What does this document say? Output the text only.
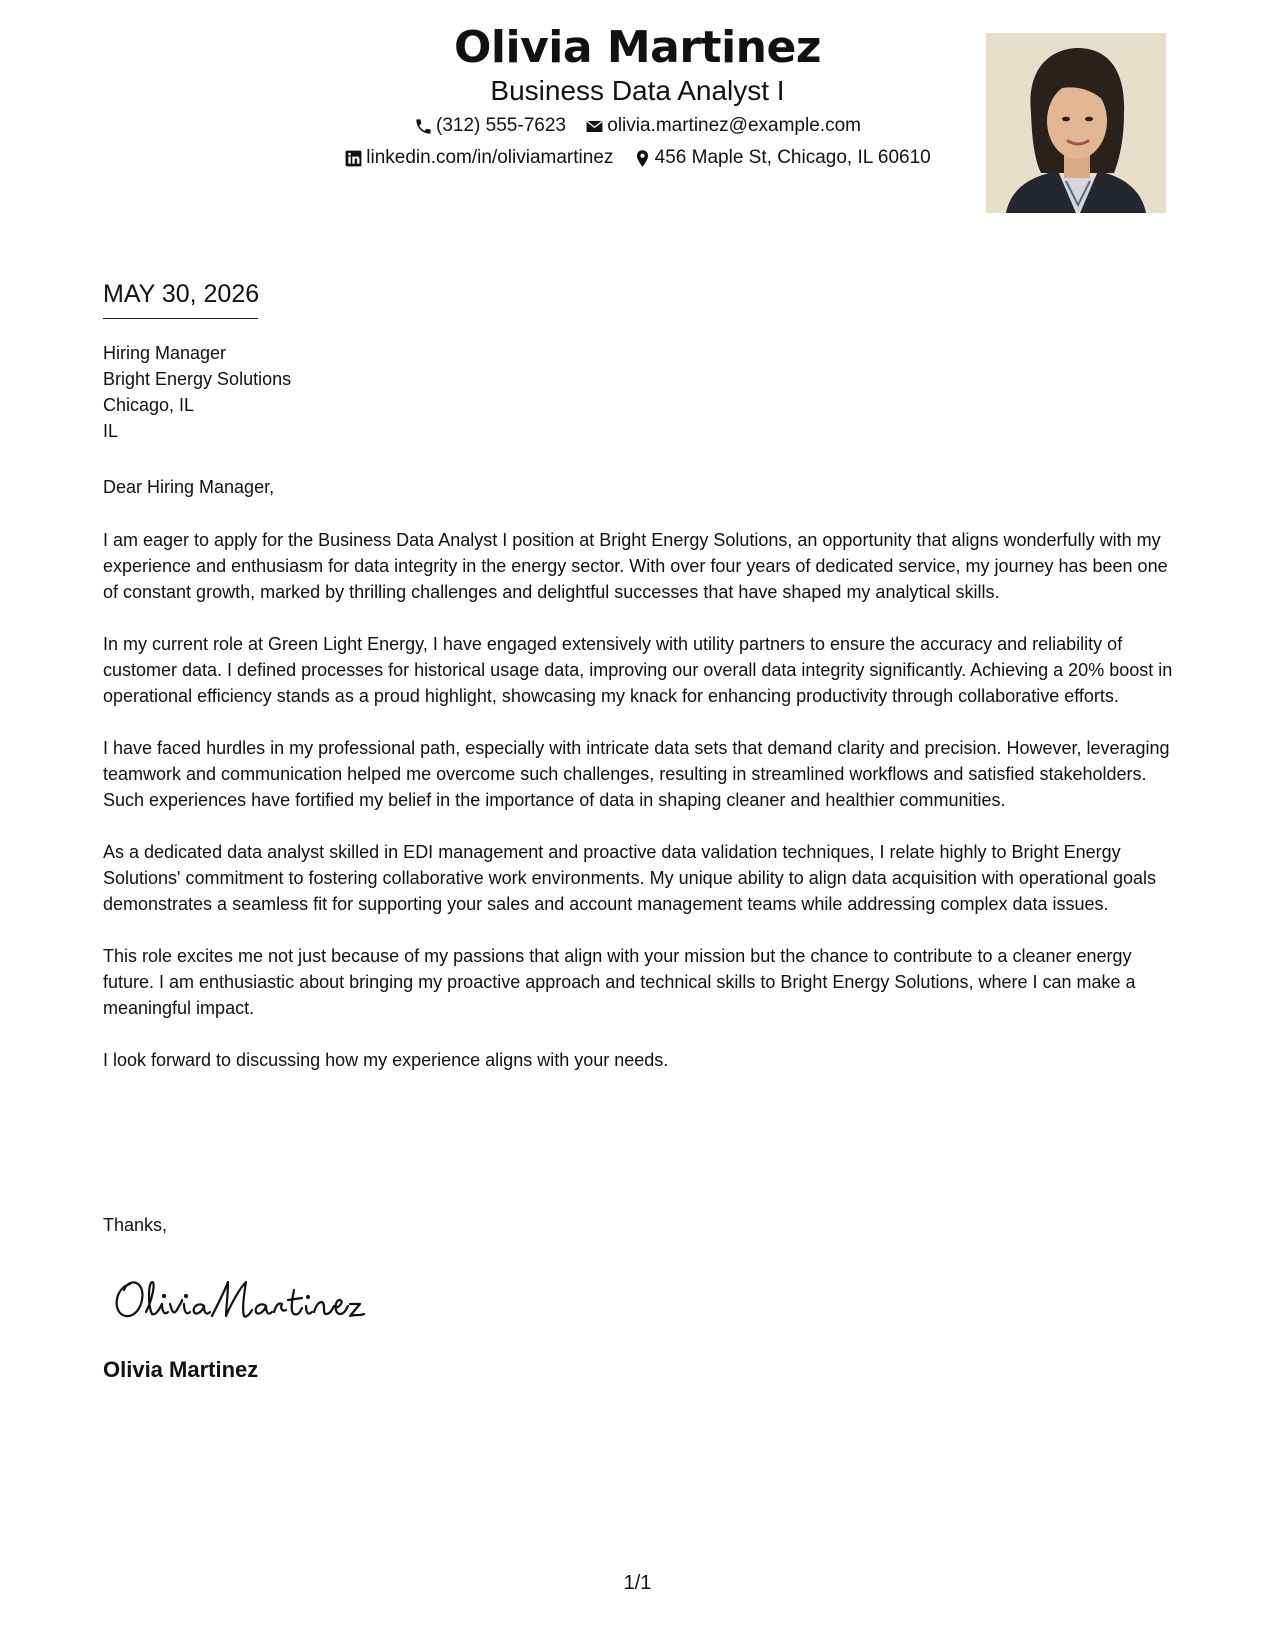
Olivia Martinez
Business Data Analyst I
(312) 555-7623
olivia.martinez@example.com
linkedin.com/in/oliviamartinez
456 Maple St, Chicago, IL 60610
MAY 30, 2026
Hiring Manager
Bright Energy Solutions
Chicago, IL
IL
Dear Hiring Manager,

I am eager to apply for the Business Data Analyst I position at Bright Energy Solutions, an opportunity that aligns wonderfully with my experience and enthusiasm for data integrity in the energy sector. With over four years of dedicated service, my journey has been one of constant growth, marked by thrilling challenges and delightful successes that have shaped my analytical skills.

In my current role at Green Light Energy, I have engaged extensively with utility partners to ensure the accuracy and reliability of customer data. I defined processes for historical usage data, improving our overall data integrity significantly. Achieving a 20% boost in operational efficiency stands as a proud highlight, showcasing my knack for enhancing productivity through collaborative efforts.

I have faced hurdles in my professional path, especially with intricate data sets that demand clarity and precision. However, leveraging teamwork and communication helped me overcome such challenges, resulting in streamlined workflows and satisfied stakeholders. Such experiences have fortified my belief in the importance of data in shaping cleaner and healthier communities.

As a dedicated data analyst skilled in EDI management and proactive data validation techniques, I relate highly to Bright Energy Solutions' commitment to fostering collaborative work environments. My unique ability to align data acquisition with operational goals demonstrates a seamless fit for supporting your sales and account management teams while addressing complex data issues.

This role excites me not just because of my passions that align with your mission but the chance to contribute to a cleaner energy future. I am enthusiastic about bringing my proactive approach and technical skills to Bright Energy Solutions, where I can make a meaningful impact.

I look forward to discussing how my experience aligns with your needs.

Thanks,
Olivia Martinez
1/1
